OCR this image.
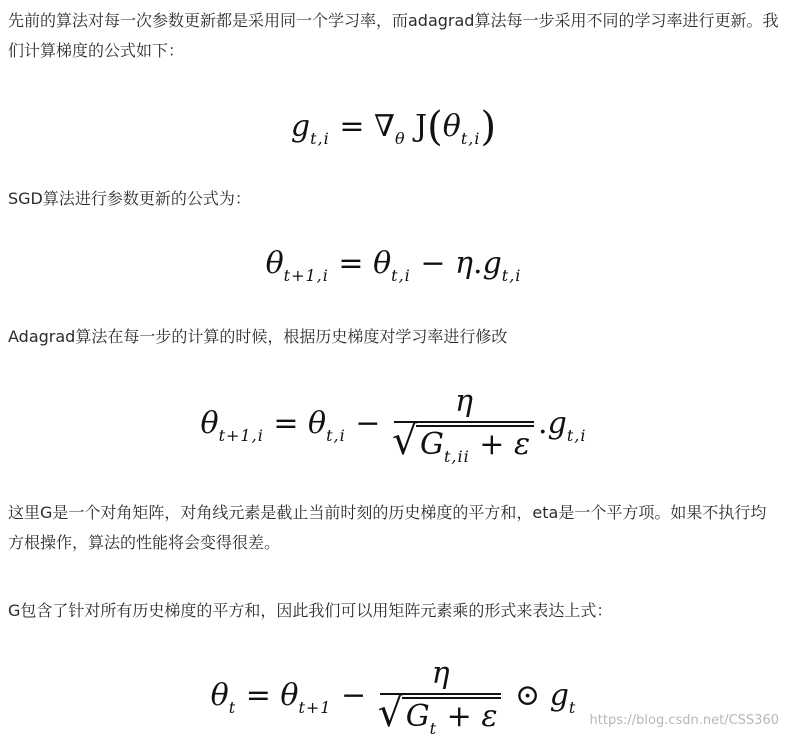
先前的算法对每一次参数更新都是采用同一个学习率，而adagrad算法每一步采用不同的学习率进行更新。我们计算梯度的公式如下：

$g_{t,i} = \nabla_\theta$ $J(\theta_{t,i})$

SGD算法进行参数更新的公式为：

$\theta_{t+1,i} = \theta_{t,i} - \eta.g_{t,i}$

Adagrad算法在每一步的计算的时候，根据历史梯度对学习率进行修改

$\theta_{t+1,i} = \theta_{t,i} - \frac{\eta}{√ G_{t,ii} + \varepsilon} .g_{t,i}$

这里G是一个对角矩阵，对角线元素是截止当前时刻的历史梯度的平方和，eta是一个平方项。如果不执行均方根操作，算法的性能将会变得很差。

G包含了针对所有历史梯度的平方和，因此我们可以用矩阵元素乘的形式来表达上式：

$\theta_t = \theta_{t+1} - \frac{\eta}{√ G_t + \varepsilon}$ ⊙ $g_t$
https://blog.csdn.net/CSS360
